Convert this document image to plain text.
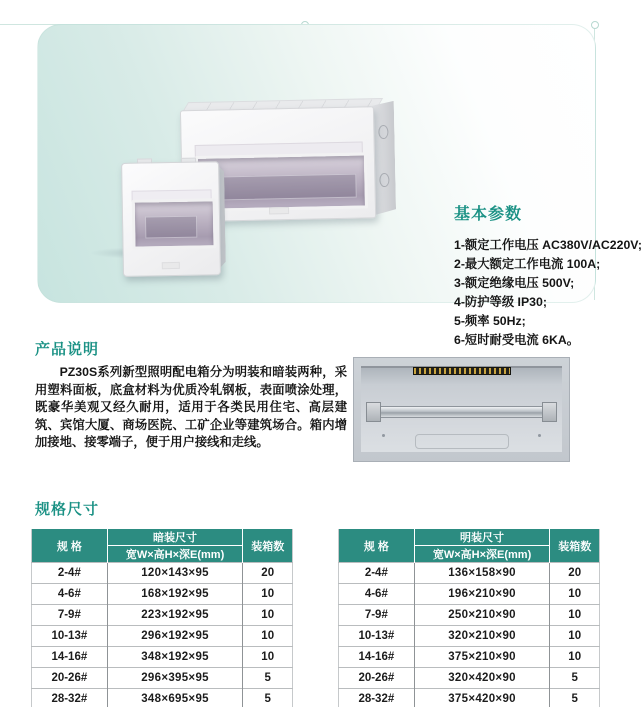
基本参数
1-额定工作电压 AC380V/AC220V;
2-最大额定工作电流 100A;
3-额定绝缘电压 500V;
4-防护等级 IP30;
5-频率 50Hz;
6-短时耐受电流 6KA。
产品说明
PZ30S系列新型照明配电箱分为明装和暗装两种，采用塑料面板，底盒材料为优质冷轧钢板，表面喷涂处理，既豪华美观又经久耐用，适用于各类民用住宅、高层建筑、宾馆大厦、商场医院、工矿企业等建筑场合。箱内增加接地、接零端子，便于用户接线和走线。
规格尺寸
规 格	暗装尺寸	装箱数
	宽W×高H×深E(mm)	
2-4#	120×143×95	20
4-6#	168×192×95	10
7-9#	223×192×95	10
10-13#	296×192×95	10
14-16#	348×192×95	10
20-26#	296×395×95	5
28-32#	348×695×95	5
规 格	明装尺寸	装箱数
	宽W×高H×深E(mm)	
2-4#	136×158×90	20
4-6#	196×210×90	10
7-9#	250×210×90	10
10-13#	320×210×90	10
14-16#	375×210×90	10
20-26#	320×420×90	5
28-32#	375×420×90	5
